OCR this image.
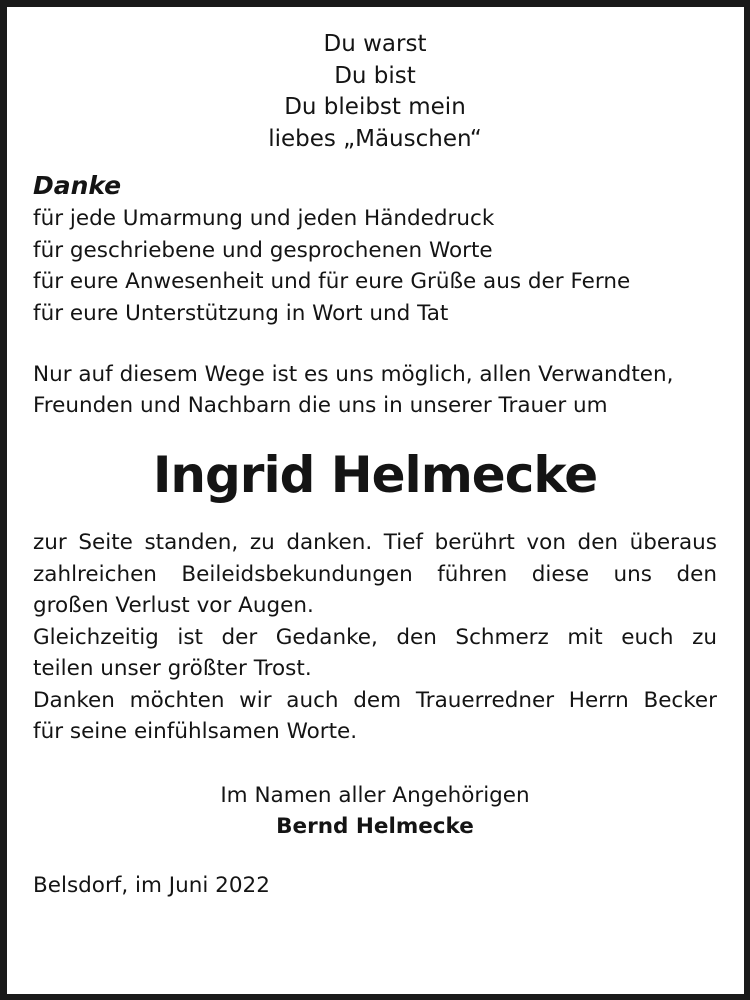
Du warst
Du bist
Du bleibst mein
liebes „Mäuschen“
Danke
für jede Umarmung und jeden Händedruck
für geschriebene und gesprochenen Worte
für eure Anwesenheit und für eure Grüße aus der Ferne
für eure Unterstützung in Wort und Tat
Nur auf diesem Wege ist es uns möglich, allen Verwandten,
Freunden und Nachbarn die uns in unserer Trauer um
Ingrid Helmecke
zur Seite standen, zu danken. Tief berührt von den überaus
zahlreichen Beileidsbekundungen führen diese uns den
großen Verlust vor Augen.
Gleichzeitig ist der Gedanke, den Schmerz mit euch zu
teilen unser größter Trost.
Danken möchten wir auch dem Trauerredner Herrn Becker
für seine einfühlsamen Worte.
Im Namen aller Angehörigen
Bernd Helmecke
Belsdorf, im Juni 2022
